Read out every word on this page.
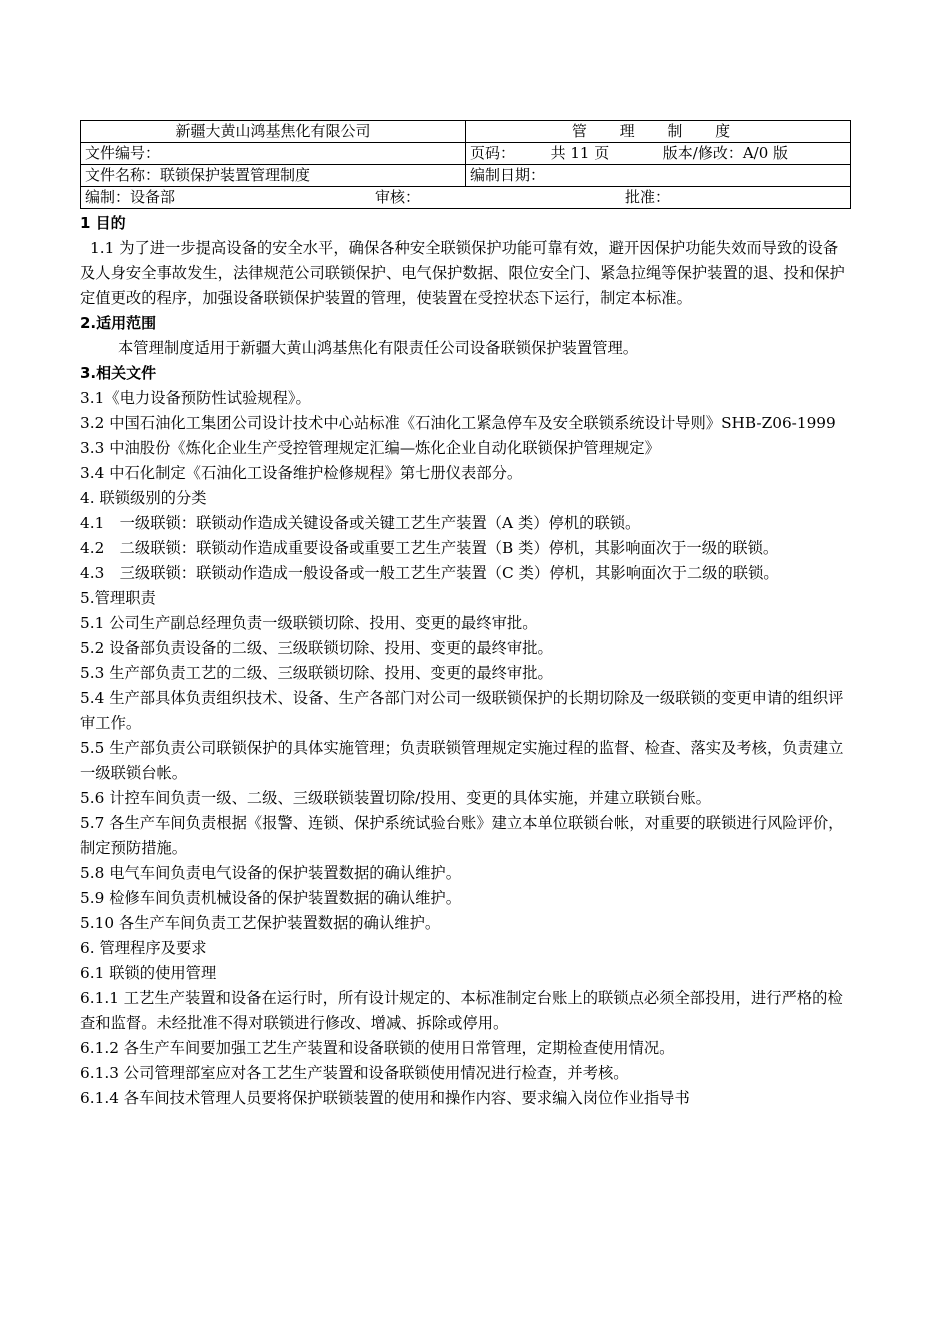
新疆大黄山鸿基焦化有限公司	管 理 制 度
文件编号：	页码： 共 11 页 版本/修改：A/0 版
文件名称：联锁保护装置管理制度	编制日期：
编制：设备部 审核： 批准：	

1 目的

1.1 为了进一步提高设备的安全水平，确保各种安全联锁保护功能可靠有效，避开因保护功能失效而导致的设备及人身安全事故发生，法律规范公司联锁保护、电气保护数据、限位安全门、紧急拉绳等保护装置的退、投和保护定值更改的程序，加强设备联锁保护装置的管理，使装置在受控状态下运行，制定本标准。

2.适用范围

本管理制度适用于新疆大黄山鸿基焦化有限责任公司设备联锁保护装置管理。

3.相关文件

3.1《电力设备预防性试验规程》。

3.2 中国石油化工集团公司设计技术中心站标准《石油化工紧急停车及安全联锁系统设计导则》SHB-Z06-1999

3.3 中油股份《炼化企业生产受控管理规定汇编—炼化企业自动化联锁保护管理规定》

3.4 中石化制定《石油化工设备维护检修规程》第七册仪表部分。

4. 联锁级别的分类

4.1　一级联锁：联锁动作造成关键设备或关键工艺生产装置（A 类）停机的联锁。

4.2　二级联锁：联锁动作造成重要设备或重要工艺生产装置（B 类）停机，其影响面次于一级的联锁。

4.3　三级联锁：联锁动作造成一般设备或一般工艺生产装置（C 类）停机，其影响面次于二级的联锁。

5.管理职责

5.1 公司生产副总经理负责一级联锁切除、投用、变更的最终审批。

5.2 设备部负责设备的二级、三级联锁切除、投用、变更的最终审批。

5.3 生产部负责工艺的二级、三级联锁切除、投用、变更的最终审批。

5.4 生产部具体负责组织技术、设备、生产各部门对公司一级联锁保护的长期切除及一级联锁的变更申请的组织评审工作。

5.5 生产部负责公司联锁保护的具体实施管理；负责联锁管理规定实施过程的监督、检查、落实及考核，负责建立一级联锁台帐。

5.6 计控车间负责一级、二级、三级联锁装置切除/投用、变更的具体实施，并建立联锁台账。

5.7 各生产车间负责根据《报警、连锁、保护系统试验台账》建立本单位联锁台帐，对重要的联锁进行风险评价，制定预防措施。

5.8 电气车间负责电气设备的保护装置数据的确认维护。

5.9 检修车间负责机械设备的保护装置数据的确认维护。

5.10 各生产车间负责工艺保护装置数据的确认维护。

6. 管理程序及要求

6.1 联锁的使用管理

6.1.1 工艺生产装置和设备在运行时，所有设计规定的、本标准制定台账上的联锁点必须全部投用，进行严格的检查和监督。未经批准不得对联锁进行修改、增减、拆除或停用。

6.1.2 各生产车间要加强工艺生产装置和设备联锁的使用日常管理，定期检查使用情况。

6.1.3 公司管理部室应对各工艺生产装置和设备联锁使用情况进行检查，并考核。

6.1.4 各车间技术管理人员要将保护联锁装置的使用和操作内容、要求编入岗位作业指导书
